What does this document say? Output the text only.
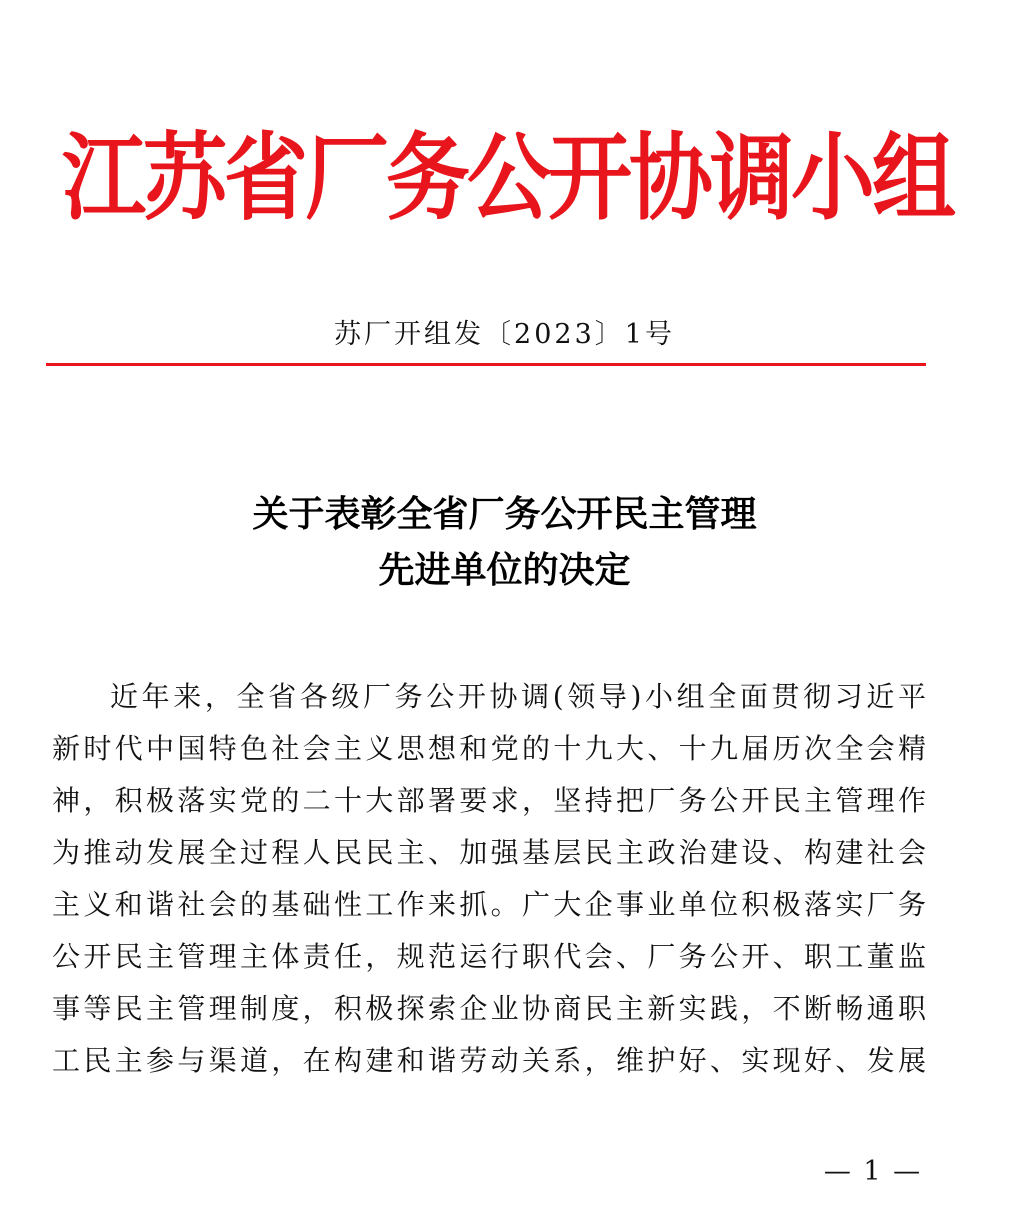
江苏省厂务公开协调小组
苏厂开组发〔2023〕1号
关于表彰全省厂务公开民主管理
先进单位的决定
近年来，全省各级厂务公开协调(领导)小组全面贯彻习近平
新时代中国特色社会主义思想和党的十九大、十九届历次全会精
神，积极落实党的二十大部署要求，坚持把厂务公开民主管理作
为推动发展全过程人民民主、加强基层民主政治建设、构建社会
主义和谐社会的基础性工作来抓。广大企事业单位积极落实厂务
公开民主管理主体责任，规范运行职代会、厂务公开、职工董监
事等民主管理制度，积极探索企业协商民主新实践，不断畅通职
工民主参与渠道，在构建和谐劳动关系，维护好、实现好、发展
— 1 —
